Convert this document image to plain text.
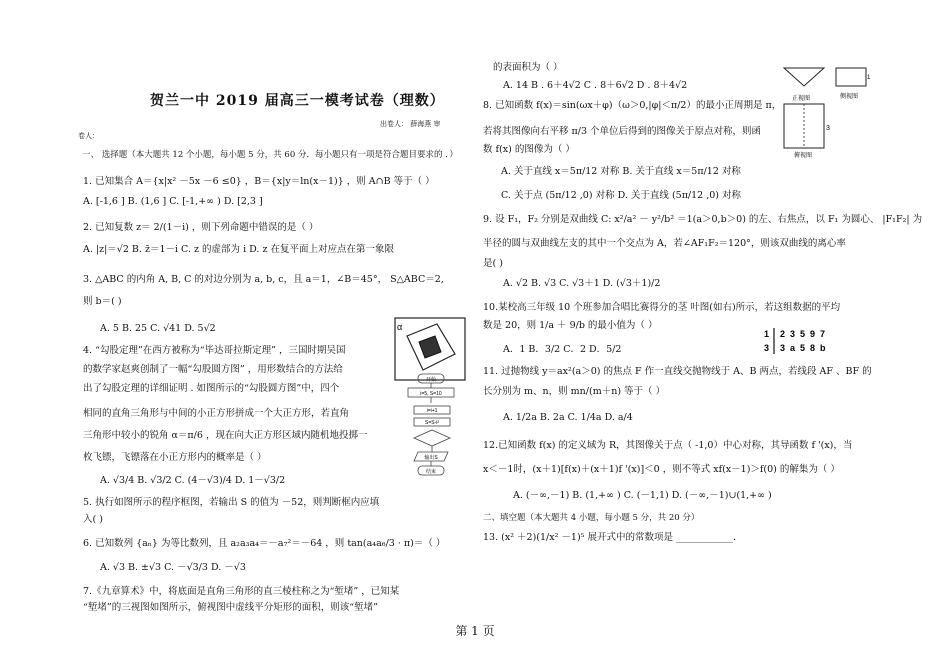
贺兰一中 2019 届高三一模考试卷（理数）
出卷人： 薛海燕 审
卷人：
一、 选择题（本大题共 12 个小题，每小题 5 分，共 60 分．每小题只有一项是符合题目要求的 ．）
1. 已知集合 A＝{x|x² －5x －6 ≤0} ，B＝{x|y＝ln(x－1)} ，则 A∩B 等于（ ）
A. [-1,6 ] B. (1,6 ] C. [-1,+∞ ) D. [2,3 ]
2. 已知复数 z＝ 2/(1－i) ，则下列命题中错误的是（ ）
A. |z|＝√2 B. z̄＝1－i C. z 的虚部为 i D. z 在复平面上对应点在第一象限
3. △ABC 的内角 A, B, C 的对边分别为 a, b, c，且 a＝1，∠B＝45°， S△ABC＝2,
则 b＝( )
A. 5 B. 25 C. √41 D. 5√2
4. “勾股定理”在西方被称为“毕达哥拉斯定理” ，三国时期吴国
的数学家赵爽创制了一幅“勾股圆方图” ，用形数结合的方法给
出了勾股定理的详细证明 . 如图所示的“勾股圆方图”中，四个
相同的直角三角形与中间的小正方形拼成一个大正方形，若直角
三角形中较小的锐角 α＝π/6 ，现在向大正方形区域内随机地投掷一
枚飞镖，飞镖落在小正方形内的概率是（ ）
A. √3/4 B. √3/2 C. (4－√3)/4 D. 1－√3/2
5. 执行如图所示的程序框图，若输出 S 的值为 －52，则判断框内应填
入( )
6. 已知数列 {aₙ} 为等比数列，且 a₂a₃a₄＝－a₇²＝－64 ，则 tan(a₄a₆/3 · π)＝（ ）
A. √3 B. ±√3 C. －√3/3 D. －√3
7.《九章算术》中，将底面是直角三角形的直三棱柱称之为“堑堵” ，已知某
“堑堵”的三视图如图所示，俯视图中虚线平分矩形的面积，则该“堑堵”
α
开始
i=5, S=10
i=i+1
S=S-i²
输出S
结束
的表面积为（ ）
A. 14 B . 6＋4√2 C . 8＋6√2 D . 8＋4√2
8. 已知函数 f(x)＝sin(ωx＋φ)（ω＞0,|φ|＜π/2）的最小正周期是 π，
若将其图像向右平移 π/3 个单位后得到的图像关于原点对称，则函
数 f(x) 的图像为（ ）
A. 关于直线 x＝5π/12 对称 B. 关于直线 x＝5π/12 对称
C. 关于点 (5π/12 ,0) 对称 D. 关于直线 (5π/12 ,0) 对称
9. 设 F₁，F₂ 分别是双曲线 C: x²/a² － y²/b² ＝1(a＞0,b＞0) 的左、右焦点，以 F₁ 为圆心、 |F₁F₂| 为
半径的圆与双曲线左支的其中一个交点为 A，若∠AF₁F₂＝120°，则该双曲线的离心率
是( )
A. √2 B. √3 C. √3＋1 D. (√3＋1)/2
10.某校高三年级 10 个班参加合唱比赛得分的茎 叶图(如右)所示，若这组数据的平均
数是 20，则 1/a ＋ 9/b 的最小值为（ ）
A．1 B．3/2 C．2 D．5/2
11. 过抛物线 y＝ax²(a＞0) 的焦点 F 作一直线交抛物线于 A、B 两点，若线段 AF 、BF 的
长分别为 m、n，则 mn/(m＋n) 等于（ ）
A. 1/2a B. 2a C. 1/4a D. a/4
12.已知函数 f(x) 的定义域为 R，其图像关于点（ -1,0）中心对称，其导函数 f '(x)，当
x＜－1时，(x＋1)[f(x)＋(x＋1)f '(x)]＜0 ，则不等式 xf(x－1)＞f(0) 的解集为（ ）
A. (－∞,－1) B. (1,+∞ ) C. (－1,1) D. (－∞,－1)∪(1,+∞ )
二、填空题（本大题共 4 小题，每小题 5 分，共 20 分）
13. (x² ＋2)(1/x² －1)⁵ 展开式中的常数项是 ____________.
正视图	侧视图
1
3
俯视图
1
3
2  3  5  9  7
3  a  5  8  b
第 1 页
